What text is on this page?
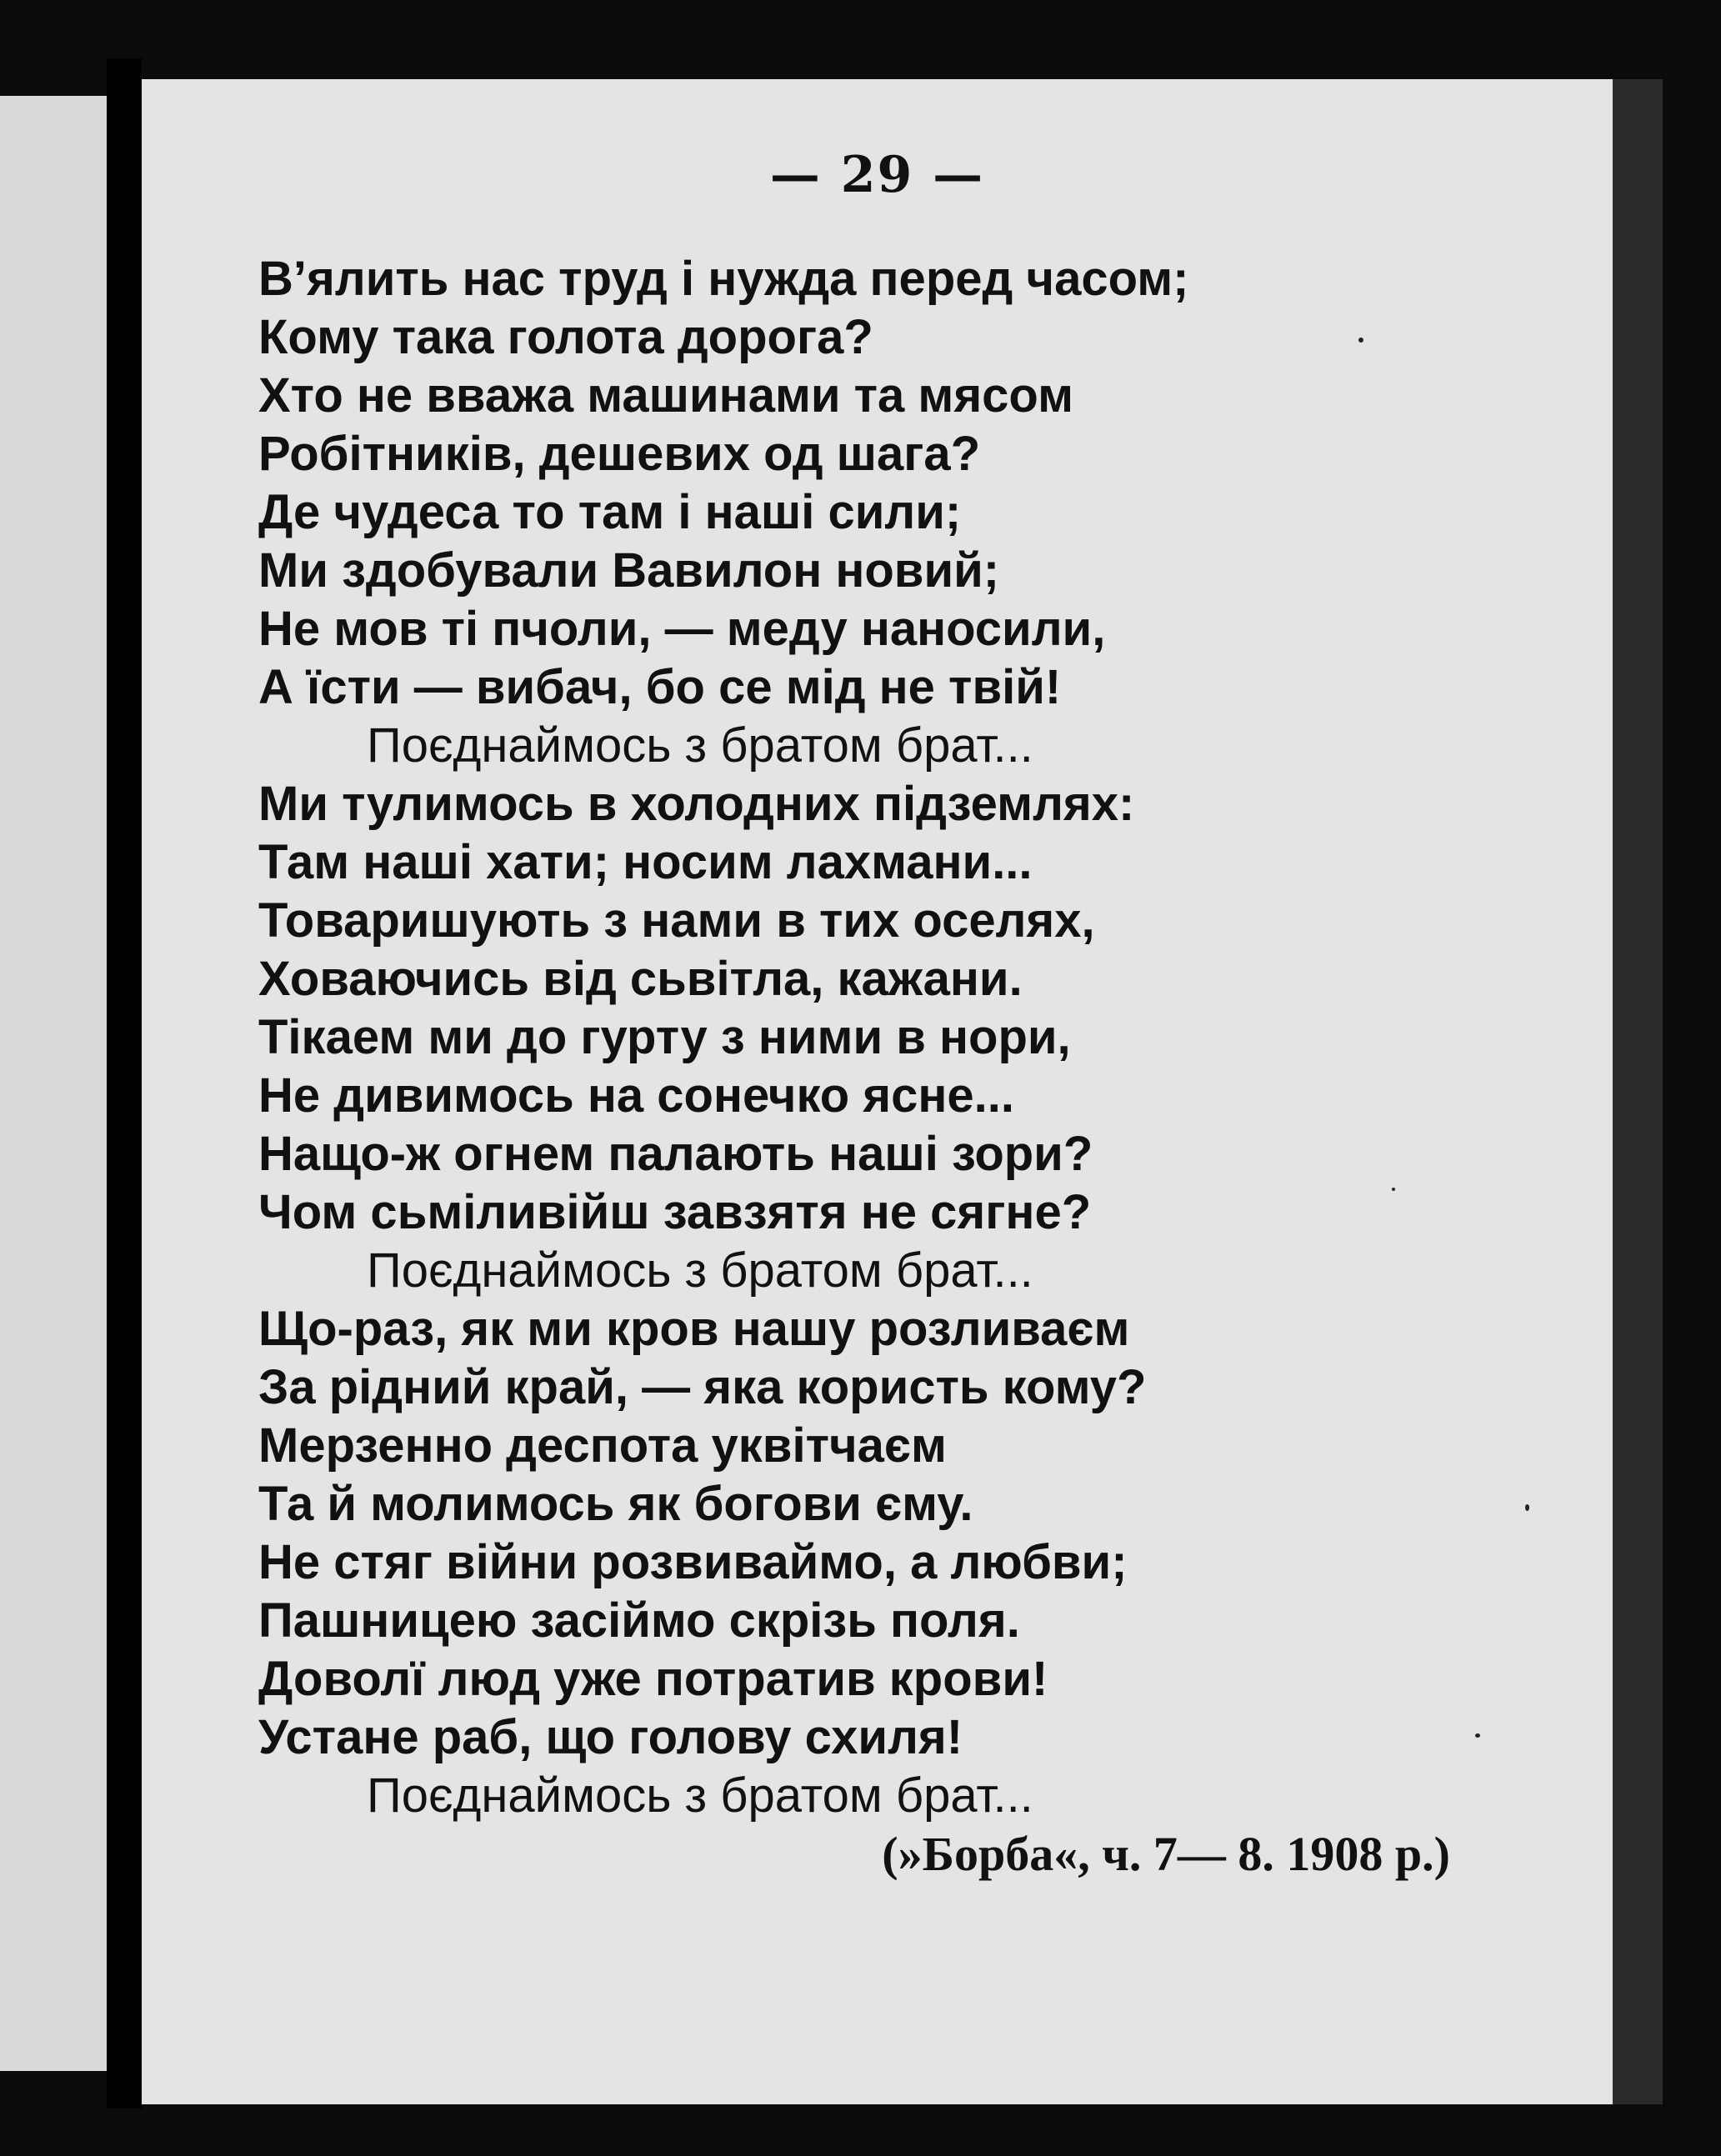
— 29 —
В’ялить нас труд і нужда перед часом;
Кому така голота дорога?
Хто не вважа машинами та мясом
Робітників, дешевих од шага?
Де чудеса то там і наші сили;
Ми здобували Вавилон новий;
Не мов ті пчоли, — меду наносили,
А їсти — вибач, бо се мід не твій!
Поєднаймось з братом брат...
Ми тулимось в холодних підземлях:
Там наші хати; носим лахмани...
Товаришують з нами в тих оселях,
Ховаючись від сьвітла, кажани.
Тікаем ми до гурту з ними в нори,
Не дивимось на сонечко ясне...
Нащо-ж огнем палають наші зори?
Чом сьміливійш завзятя не сягне?
Поєднаймось з братом брат...
Що-раз, як ми кров нашу розливаєм
За рідний край, — яка користь кому?
Мерзенно деспота уквітчаєм
Та й молимось як богови єму.
Не стяг війни розвиваймо, а любви;
Пашницею засіймо скрізь поля.
Доволї люд уже потратив крови!
Устане раб, що голову схиля!
Поєднаймось з братом брат...
(»Борба«, ч. 7— 8. 1908 р.)
